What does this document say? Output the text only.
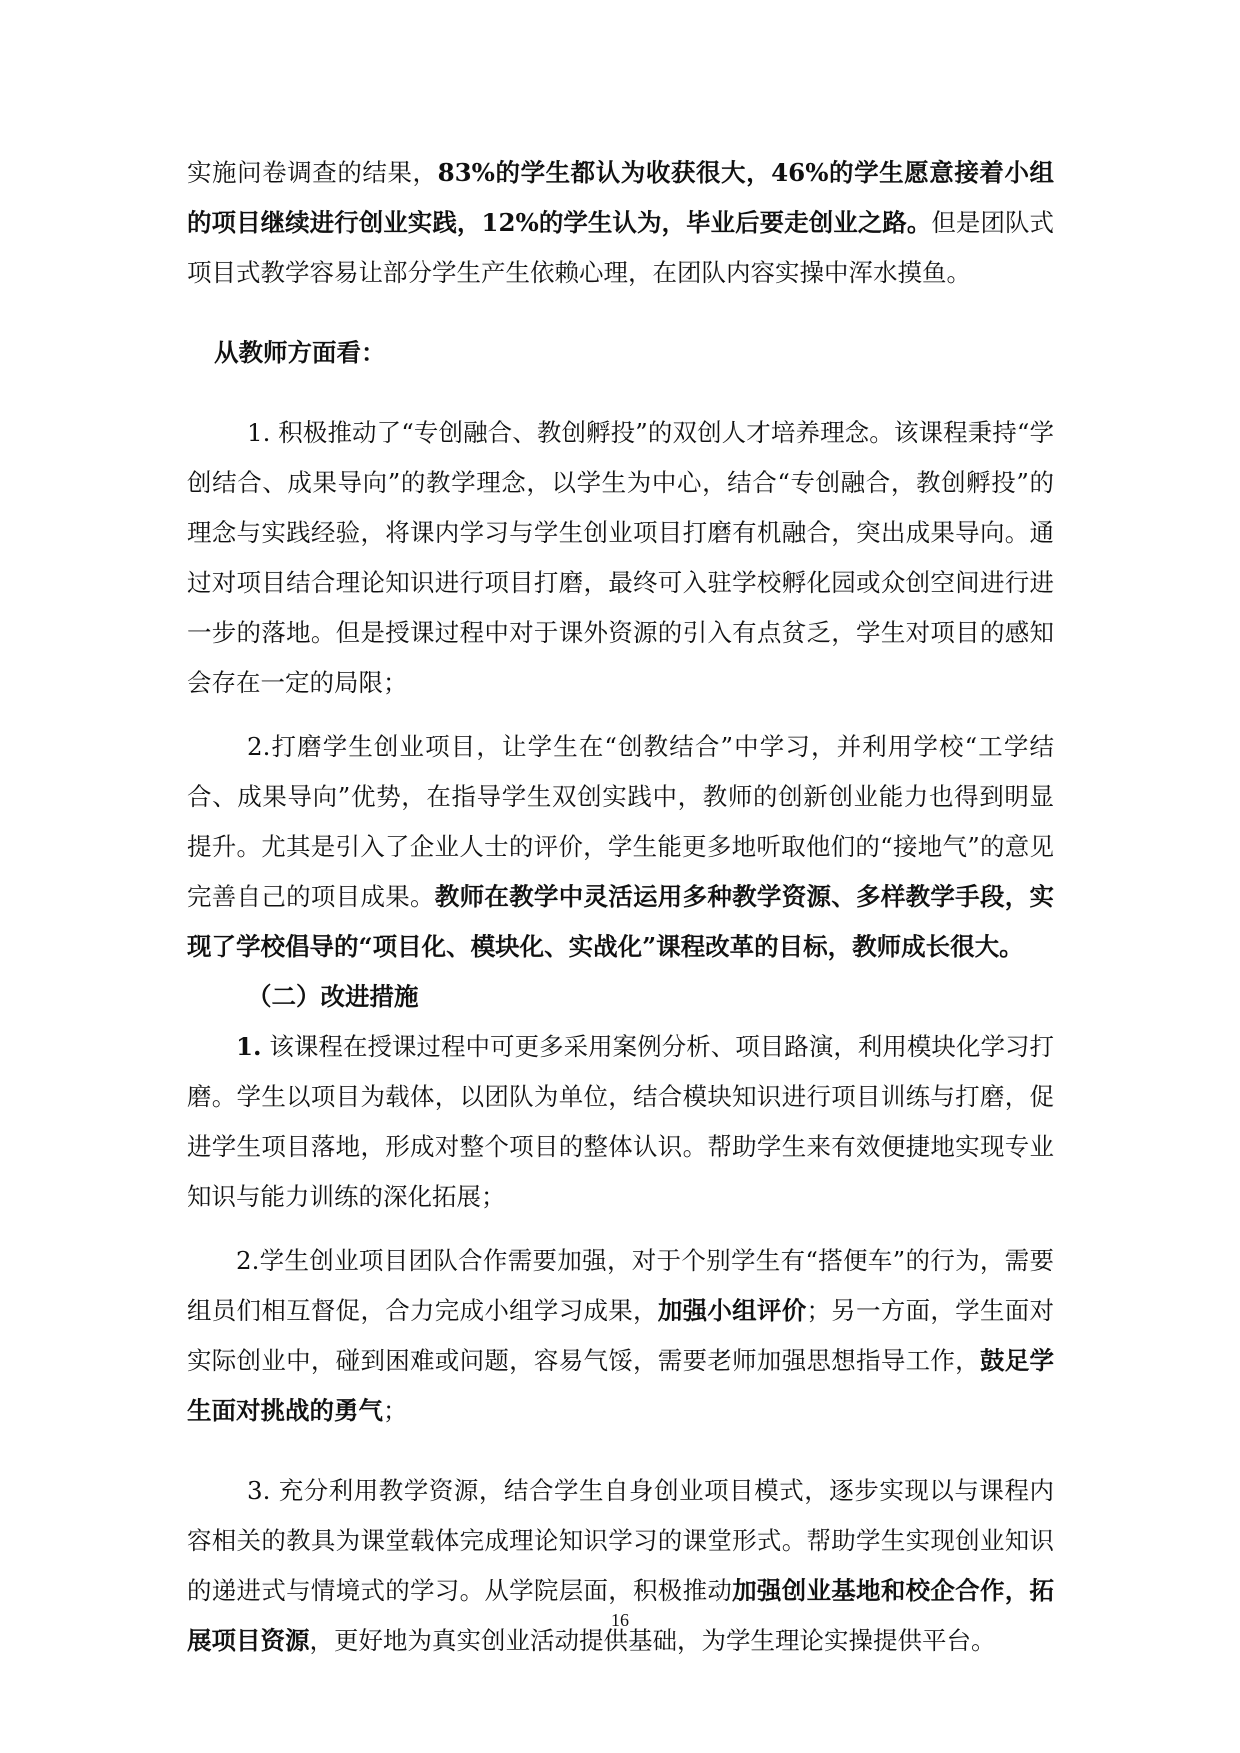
实施问卷调查的结果，83%的学生都认为收获很大，46%的学生愿意接着小组的项目继续进行创业实践，12%的学生认为，毕业后要走创业之路。但是团队式项目式教学容易让部分学生产生依赖心理，在团队内容实操中浑水摸鱼。

从教师方面看：

1. 积极推动了“专创融合、教创孵投”的双创人才培养理念。该课程秉持“学创结合、成果导向”的教学理念，以学生为中心，结合“专创融合，教创孵投”的理念与实践经验，将课内学习与学生创业项目打磨有机融合，突出成果导向。通过对项目结合理论知识进行项目打磨，最终可入驻学校孵化园或众创空间进行进一步的落地。但是授课过程中对于课外资源的引入有点贫乏，学生对项目的感知会存在一定的局限；

2.打磨学生创业项目，让学生在“创教结合”中学习，并利用学校“工学结合、成果导向”优势，在指导学生双创实践中，教师的创新创业能力也得到明显提升。尤其是引入了企业人士的评价，学生能更多地听取他们的“接地气”的意见完善自己的项目成果。教师在教学中灵活运用多种教学资源、多样教学手段，实现了学校倡导的“项目化、模块化、实战化”课程改革的目标，教师成长很大。

（二）改进措施

1. 该课程在授课过程中可更多采用案例分析、项目路演，利用模块化学习打磨。学生以项目为载体，以团队为单位，结合模块知识进行项目训练与打磨，促进学生项目落地，形成对整个项目的整体认识。帮助学生来有效便捷地实现专业知识与能力训练的深化拓展；

2.学生创业项目团队合作需要加强，对于个别学生有“搭便车”的行为，需要组员们相互督促，合力完成小组学习成果，加强小组评价；另一方面，学生面对实际创业中，碰到困难或问题，容易气馁，需要老师加强思想指导工作，鼓足学生面对挑战的勇气；

3. 充分利用教学资源，结合学生自身创业项目模式，逐步实现以与课程内容相关的教具为课堂载体完成理论知识学习的课堂形式。帮助学生实现创业知识的递进式与情境式的学习。从学院层面，积极推动加强创业基地和校企合作，拓展项目资源，更好地为真实创业活动提供基础，为学生理论实操提供平台。

16
